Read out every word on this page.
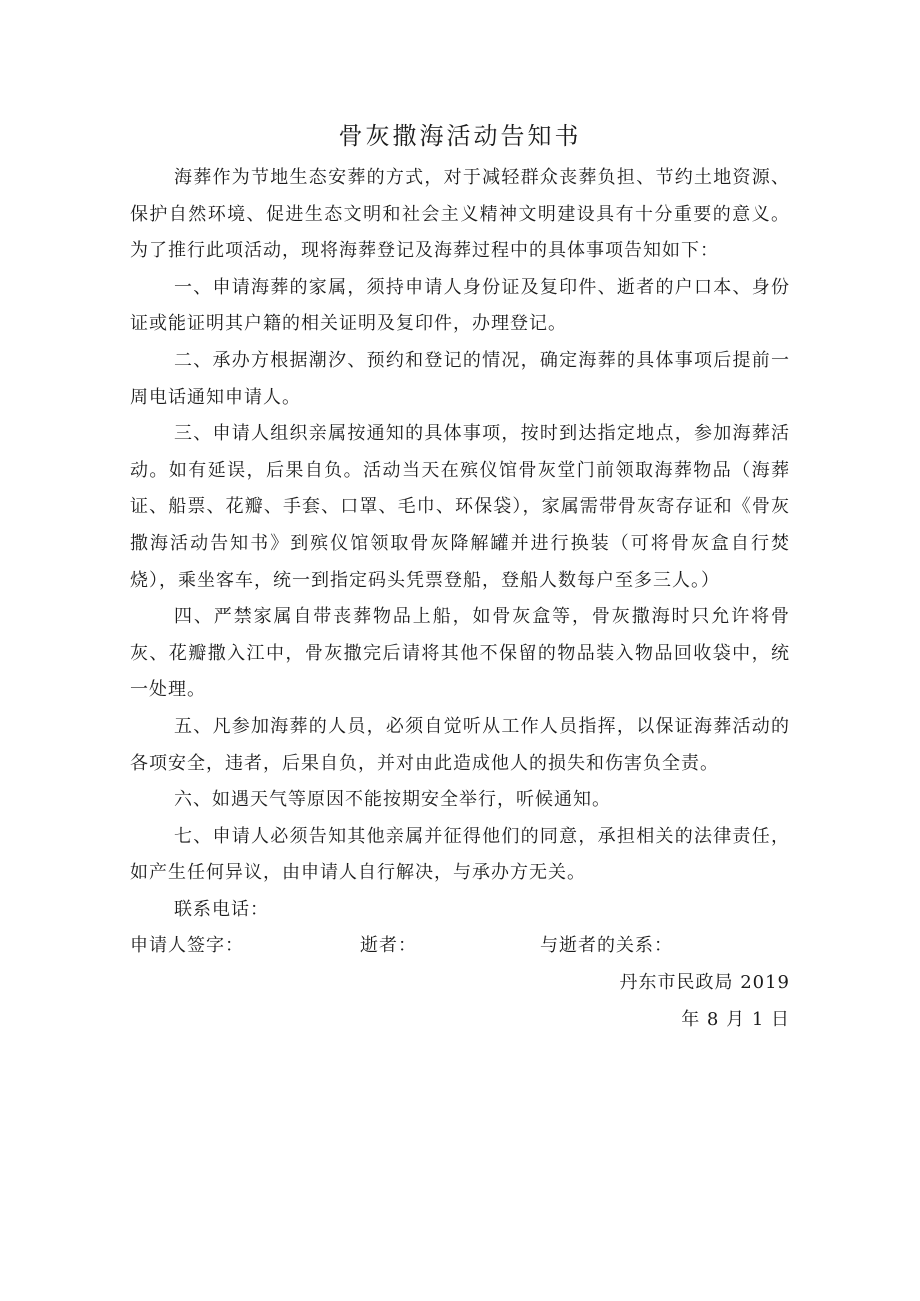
骨灰撒海活动告知书

海葬作为节地生态安葬的方式，对于减轻群众丧葬负担、节约土地资源、保护自然环境、促进生态文明和社会主义精神文明建设具有十分重要的意义。为了推行此项活动，现将海葬登记及海葬过程中的具体事项告知如下：

一、申请海葬的家属，须持申请人身份证及复印件、逝者的户口本、身份证或能证明其户籍的相关证明及复印件，办理登记。

二、承办方根据潮汐、预约和登记的情况，确定海葬的具体事项后提前一周电话通知申请人。

三、申请人组织亲属按通知的具体事项，按时到达指定地点，参加海葬活动。如有延误，后果自负。活动当天在殡仪馆骨灰堂门前领取海葬物品（海葬证、船票、花瓣、手套、口罩、毛巾、环保袋），家属需带骨灰寄存证和《骨灰撒海活动告知书》到殡仪馆领取骨灰降解罐并进行换装（可将骨灰盒自行焚烧），乘坐客车，统一到指定码头凭票登船，登船人数每户至多三人。）

四、严禁家属自带丧葬物品上船，如骨灰盒等，骨灰撒海时只允许将骨灰、花瓣撒入江中，骨灰撒完后请将其他不保留的物品装入物品回收袋中，统一处理。

五、凡参加海葬的人员，必须自觉听从工作人员指挥，以保证海葬活动的各项安全，违者，后果自负，并对由此造成他人的损失和伤害负全责。

六、如遇天气等原因不能按期安全举行，听候通知。

七、申请人必须告知其他亲属并征得他们的同意，承担相关的法律责任，如产生任何异议，由申请人自行解决，与承办方无关。

联系电话：

申请人签字：	逝者：	与逝者的关系：
丹东市民政局 2019
年 8 月 1 日
